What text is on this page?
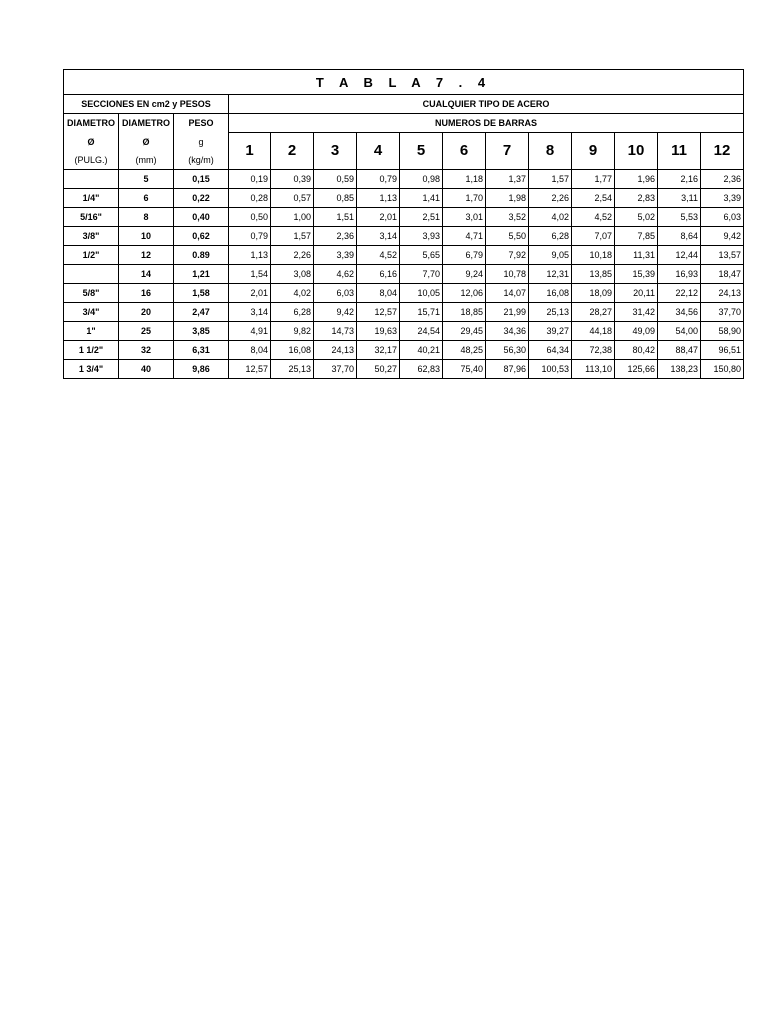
T A B L A 7 . 4														
SECCIONES EN cm2 y PESOS			CUALQUIER TIPO DE ACERO											
DIAMETRO	DIAMETRO	PESO	NUMEROS DE BARRAS											
Ø	Ø	g	1	2	3	4	5	6	7	8	9	10	11	12
(PULG.)	(mm)	(kg/m)												
	5	0,15	0,19	0,39	0,59	0,79	0,98	1,18	1,37	1,57	1,77	1,96	2,16	2,36
1/4"	6	0,22	0,28	0,57	0,85	1,13	1,41	1,70	1,98	2,26	2,54	2,83	3,11	3,39
5/16"	8	0,40	0,50	1,00	1,51	2,01	2,51	3,01	3,52	4,02	4,52	5,02	5,53	6,03
3/8"	10	0,62	0,79	1,57	2,36	3,14	3,93	4,71	5,50	6,28	7,07	7,85	8,64	9,42
1/2"	12	0.89	1,13	2,26	3,39	4,52	5,65	6,79	7,92	9,05	10,18	11,31	12,44	13,57
	14	1,21	1,54	3,08	4,62	6,16	7,70	9,24	10,78	12,31	13,85	15,39	16,93	18,47
5/8"	16	1,58	2,01	4,02	6,03	8,04	10,05	12,06	14,07	16,08	18,09	20,11	22,12	24,13
3/4"	20	2,47	3,14	6,28	9,42	12,57	15,71	18,85	21,99	25,13	28,27	31,42	34,56	37,70
1"	25	3,85	4,91	9,82	14,73	19,63	24,54	29,45	34,36	39,27	44,18	49,09	54,00	58,90
1 1/2"	32	6,31	8,04	16,08	24,13	32,17	40,21	48,25	56,30	64,34	72,38	80,42	88,47	96,51
1 3/4"	40	9,86	12,57	25,13	37,70	50,27	62,83	75,40	87,96	100,53	113,10	125,66	138,23	150,80
